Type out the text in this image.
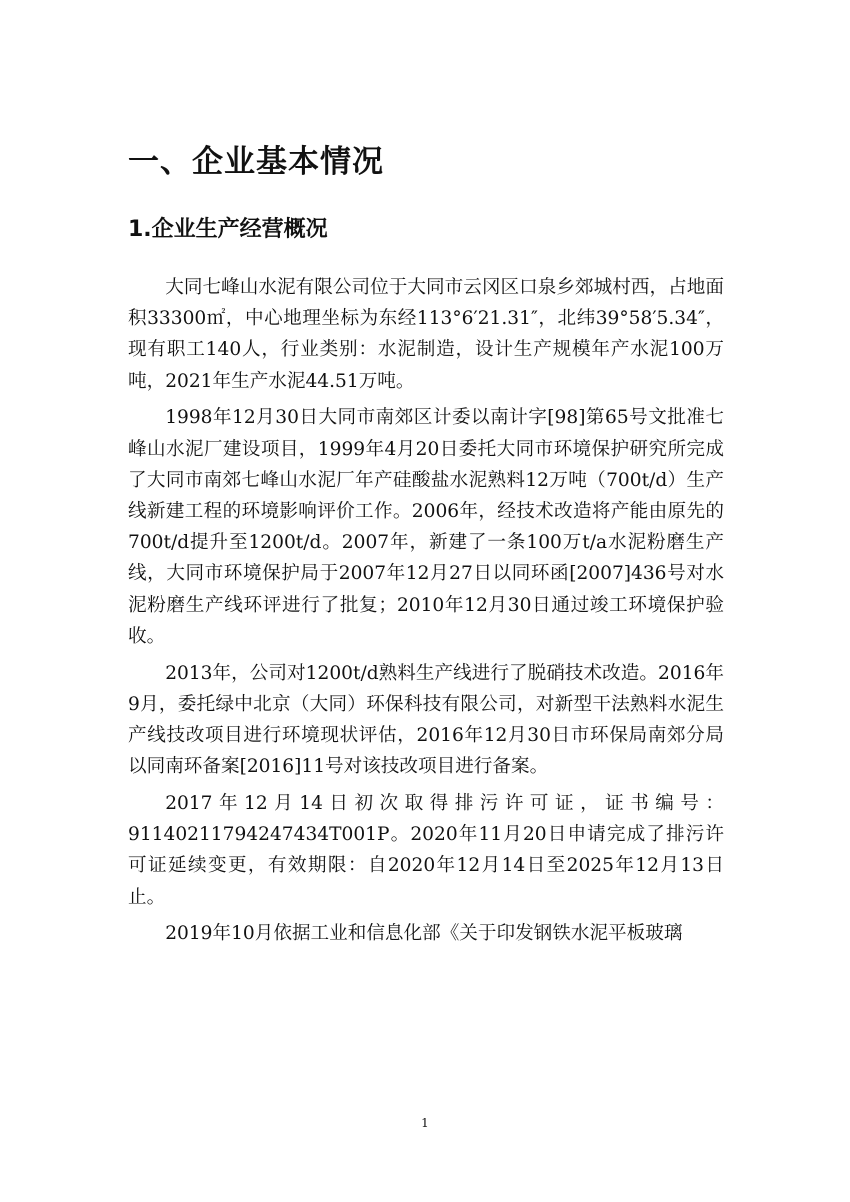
一、企业基本情况
1.企业生产经营概况

大同七峰山水泥有限公司位于大同市云冈区口泉乡郊城村西，占地面积33300㎡，中心地理坐标为东经113°6′21.31″，北纬39°58′5.34″，现有职工140人，行业类别：水泥制造，设计生产规模年产水泥100万吨，2021年生产水泥44.51万吨。

1998年12月30日大同市南郊区计委以南计字[98]第65号文批准七峰山水泥厂建设项目，1999年4月20日委托大同市环境保护研究所完成了大同市南郊七峰山水泥厂年产硅酸盐水泥熟料12万吨（700t/d）生产线新建工程的环境影响评价工作。2006年，经技术改造将产能由原先的700t/d提升至1200t/d。2007年，新建了一条100万t/a水泥粉磨生产线，大同市环境保护局于2007年12月27日以同环函[2007]436号对水泥粉磨生产线环评进行了批复；2010年12月30日通过竣工环境保护验收。

2013年，公司对1200t/d熟料生产线进行了脱硝技术改造。2016年9月，委托绿中北京（大同）环保科技有限公司，对新型干法熟料水泥生产线技改项目进行环境现状评估，2016年12月30日市环保局南郊分局以同南环备案[2016]11号对该技改项目进行备案。

2017年12月14日初次取得排污许可证，证书编号：91140211794247434T001P。2020年11月20日申请完成了排污许可证延续变更，有效期限：自2020年12月14日至2025年12月13日止。

2019年10月依据工业和信息化部《关于印发钢铁水泥平板玻璃

1
